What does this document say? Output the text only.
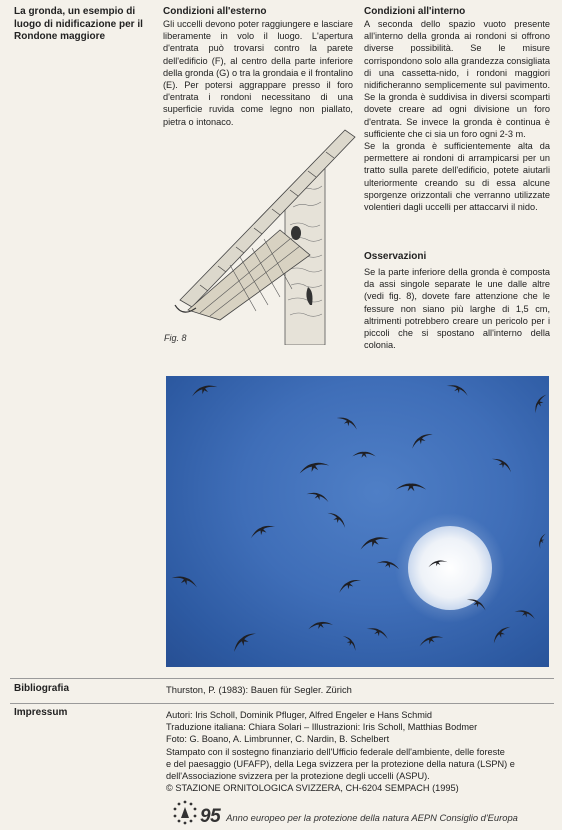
La gronda, un esempio di luogo di nidificazione per il Rondone maggiore
Condizioni all'esterno

Gli uccelli devono poter raggiungere e lasciare liberamente in volo il luogo. L'apertura d'entrata può trovarsi contro la parete dell'edificio (F), al centro della parte inferiore della gronda (G) o tra la grondaia e il frontalino (E). Per potersi aggrappare presso il foro d'entrata i rondoni necessitano di una superficie ruvida come legno non piallato, pietra o intonaco.

Condizioni all'interno

A seconda dello spazio vuoto presente all'interno della gronda ai rondoni si offrono diverse possibilità. Se le misure corrispondono solo alla grandezza consigliata di una cassetta-nido, i rondoni maggiori nidificheranno semplicemente sul pavimento. Se la gronda è suddivisa in diversi scomparti dovete creare ad ogni divisione un foro d'entrata. Se invece la gronda è continua è sufficiente che ci sia un foro ogni 2-3 m.

Se la gronda è sufficientemente alta da permettere ai rondoni di arrampicarsi per un tratto sulla parete dell'edificio, potete aiutarli ulteriormente creando su di essa alcune sporgenze orizzontali che verranno utilizzate volentieri dagli uccelli per attaccarvi il nido.

Osservazioni

Se la parte inferiore della gronda è composta da assi singole separate le une dalle altre (vedi fig. 8), dovete fare attenzione che le fessure non siano più larghe di 1,5 cm, altrimenti potrebbero creare un pericolo per i piccoli che si spostano all'interno della colonia.

Fig. 8
Bibliografia	Thurston, P. (1983): Bauen für Segler. Zürich
Impressum	Autori: Iris Scholl, Dominik Pfluger, Alfred Engeler e Hans Schmid
Traduzione italiana: Chiara Solari – Illustrazioni: Iris Scholl, Matthias Bodmer
Foto: G. Boano, A. Limbrunner, C. Nardin, B. Schelbert
Stampato con il sostegno finanziario dell'Ufficio federale dell'ambiente, delle foreste
e del paesaggio (UFAFP), della Lega svizzera per la protezione della natura (LSPN) e
dell'Associazione svizzera per la protezione degli uccelli (ASPU).
© STAZIONE ORNITOLOGICA SVIZZERA, CH-6204 SEMPACH (1995)
95 Anno europeo per la protezione della natura AEPN Consiglio d'Europa
